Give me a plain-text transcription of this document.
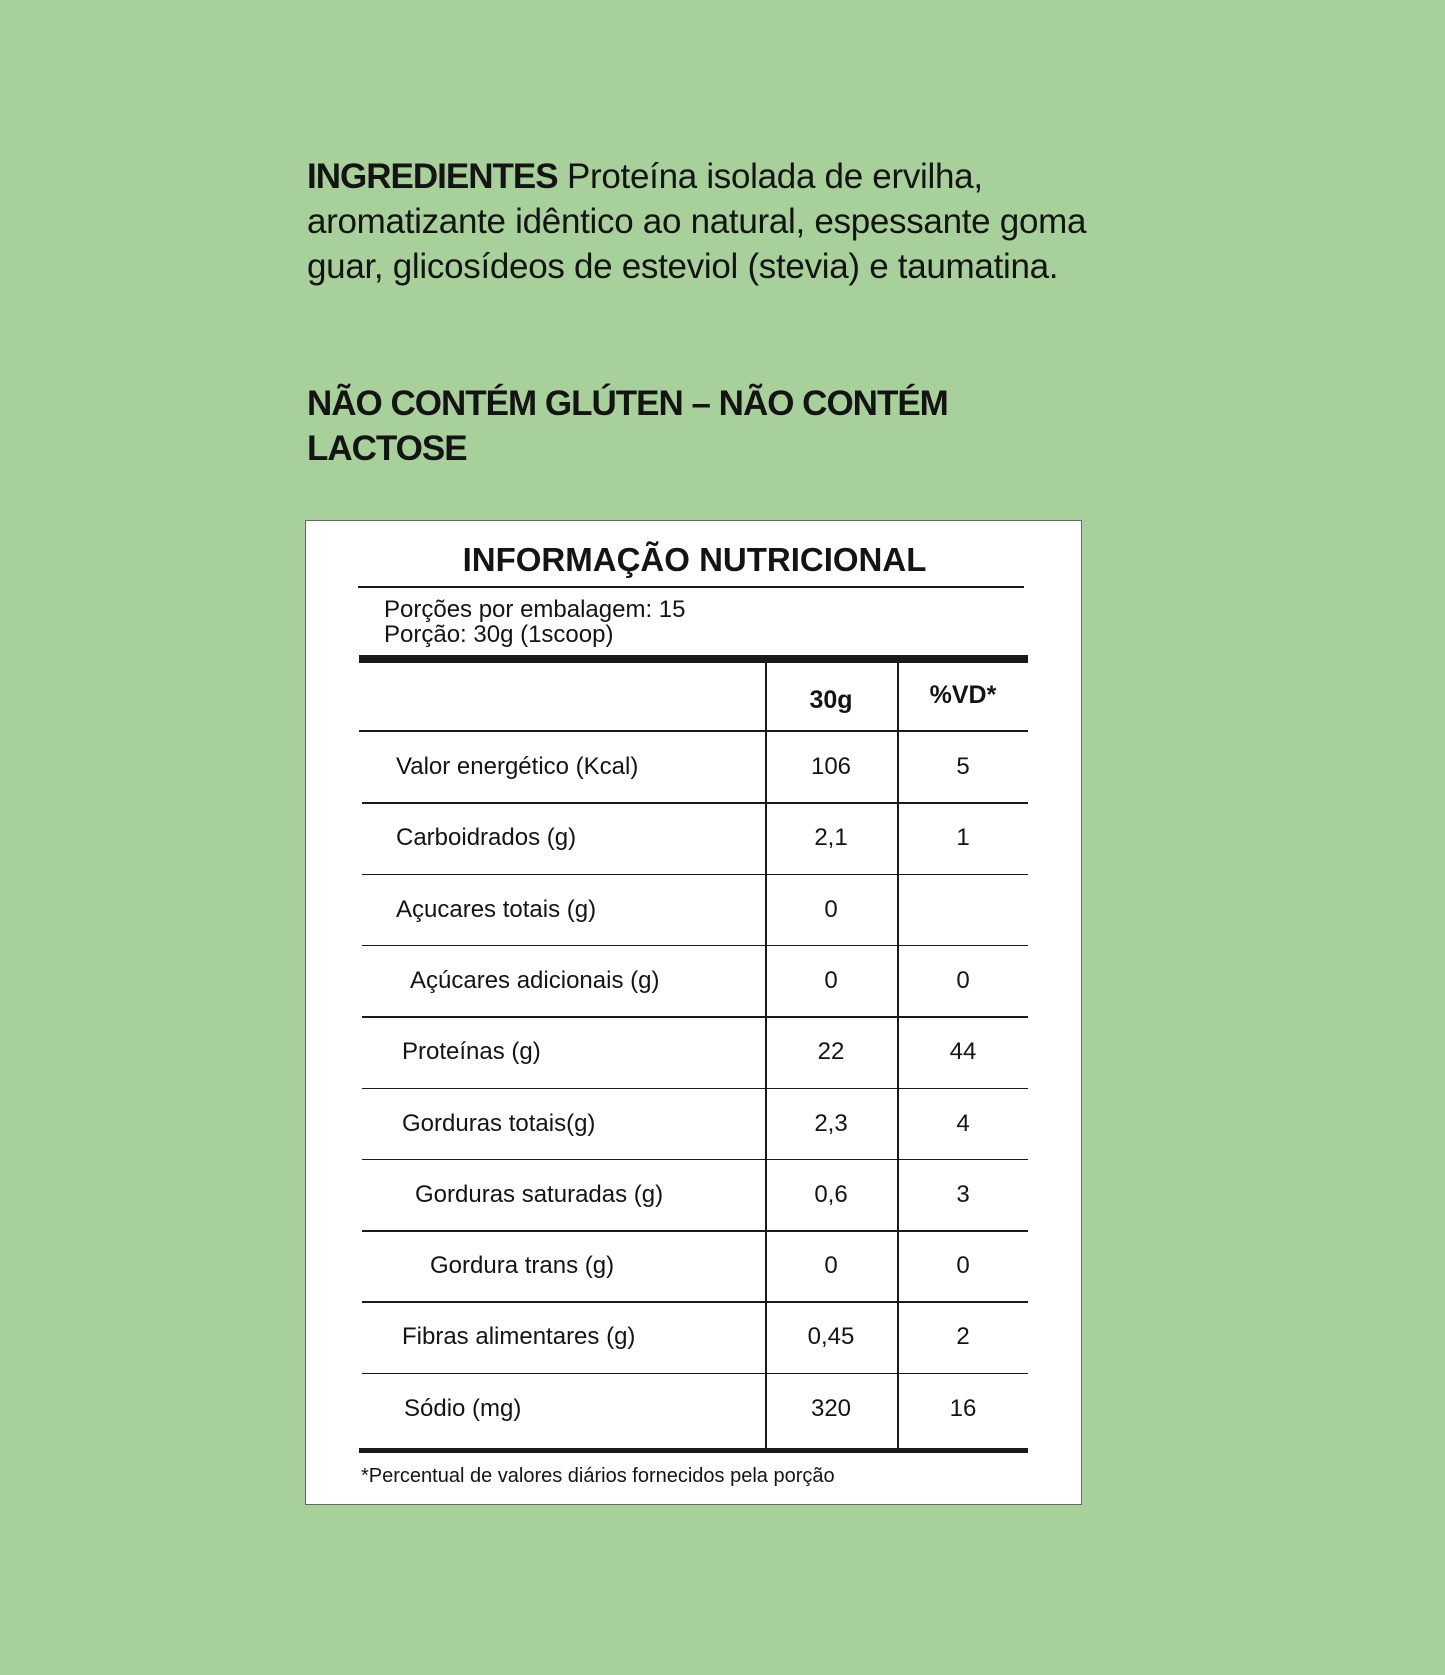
INGREDIENTES Proteína isolada de ervilha, aromatizante idêntico ao natural, espessante goma guar, glicosídeos de esteviol (stevia) e taumatina.
NÃO CONTÉM GLÚTEN – NÃO CONTÉM LACTOSE
INFORMAÇÃO NUTRICIONAL
Porções por embalagem: 15
Porção: 30g (1scoop)
30g	%VD*
Valor energético (Kcal)	106	5
Carboidrados (g)	2,1	1
Açucares totais (g)	0
Açúcares adicionais (g)	0	0
Proteínas (g)	22	44
Gorduras totais(g)	2,3	4
Gorduras saturadas (g)	0,6	3
Gordura trans (g)	0	0
Fibras alimentares (g)	0,45	2
Sódio (mg)	320	16
*Percentual de valores diários fornecidos pela porção
